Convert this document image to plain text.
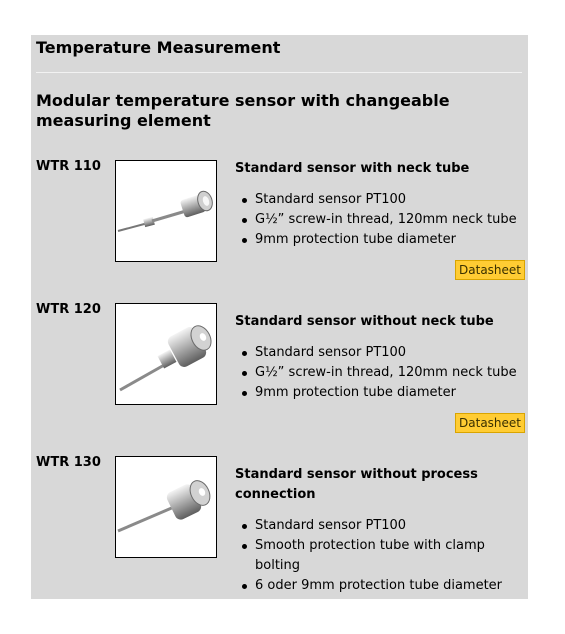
Temperature Measurement
Modular temperature sensor with changeable measuring element
WTR 110	Standard sensor with neck tube
Standard sensor PT100
G½” screw-in thread, 120mm neck tube
9mm protection tube diameter
Datasheet
WTR 120
Standard sensor without neck tube
Standard sensor PT100
G½” screw-in thread, 120mm neck tube
9mm protection tube diameter
Datasheet
WTR 130
Standard sensor without process connection
Standard sensor PT100
Smooth protection tube with clamp bolting
6 oder 9mm protection tube diameter
